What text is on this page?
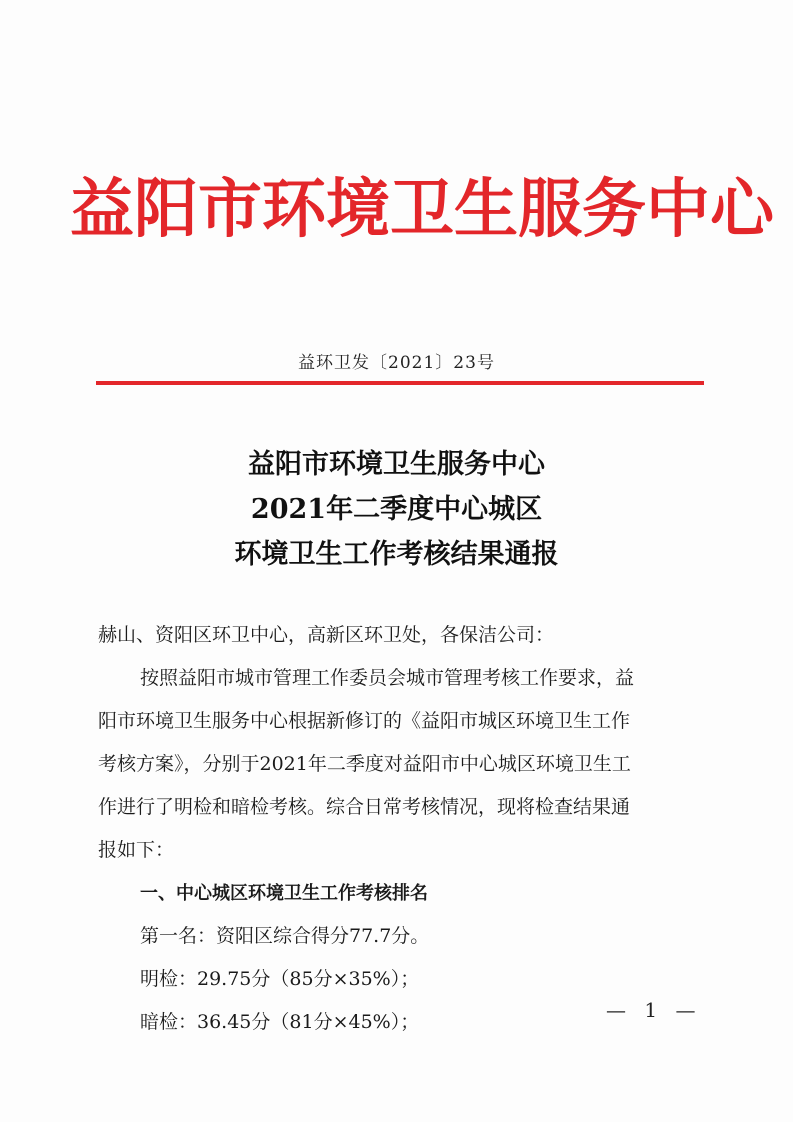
益阳市环境卫生服务中心
益环卫发〔2021〕23号
益阳市环境卫生服务中心
2021年二季度中心城区
环境卫生工作考核结果通报
赫山、资阳区环卫中心，高新区环卫处，各保洁公司：
按照益阳市城市管理工作委员会城市管理考核工作要求，益
阳市环境卫生服务中心根据新修订的《益阳市城区环境卫生工作
考核方案》，分别于2021年二季度对益阳市中心城区环境卫生工
作进行了明检和暗检考核。综合日常考核情况，现将检查结果通
报如下：
一、中心城区环境卫生工作考核排名
第一名：资阳区综合得分77.7分。
明检：29.75分（85分×35%）；
暗检：36.45分（81分×45%）；	— 1 —
